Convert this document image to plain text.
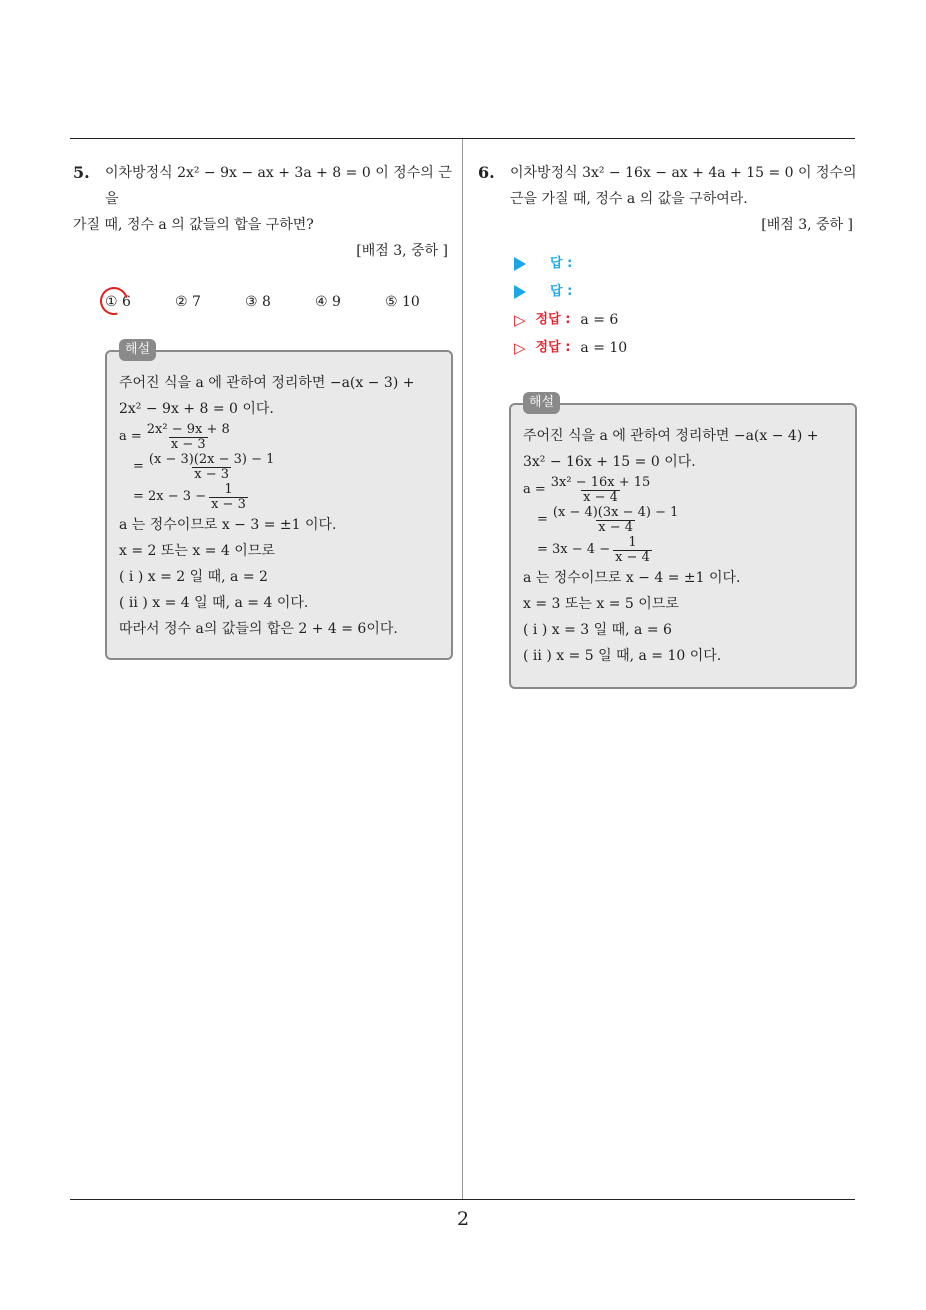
2
5.	이차방정식 2x² − 9x − ax + 3a + 8 = 0 이 정수의 근을
가질 때, 정수 a 의 값들의 합을 구하면?
[배점 3, 중하 ]
① 6	② 7	③ 8	④ 9	⑤ 10
해설
주어진 식을 a 에 관하여 정리하면 −a(x − 3) +
2x² − 9x + 8 = 0 이다.
$a = \frac{\text{2x² − 9x + 8}}{x - 3}$
= $\frac{(x - 3)(2x - 3) - 1}{x - 3}$
= $2x - 3 - \frac{1}{x - 3}$
a 는 정수이므로 x − 3 = ±1 이다.
x = 2 또는 x = 4 이므로
( i ) x = 2 일 때, a = 2
( ii ) x = 4 일 때, a = 4 이다.
따라서 정수 a의 값들의 합은 2 + 4 = 6이다.
6.	이차방정식 3x² − 16x − ax + 4a + 15 = 0 이 정수의
근을 가질 때, 정수 a 의 값을 구하여라.
[배점 3, 중하 ]
답 :
답 :
▷ 정답 : a = 6
▷ 정답 : a = 10
해설
주어진 식을 a 에 관하여 정리하면 −a(x − 4) +
3x² − 16x + 15 = 0 이다.
$a = \frac{\text{3x² − 16x + 15}}{x - 4}$
= $\frac{(x - 4)(3x - 4) - 1}{x - 4}$
= $3x - 4 - \frac{1}{x - 4}$
a 는 정수이므로 x − 4 = ±1 이다.
x = 3 또는 x = 5 이므로
( i ) x = 3 일 때, a = 6
( ii ) x = 5 일 때, a = 10 이다.
